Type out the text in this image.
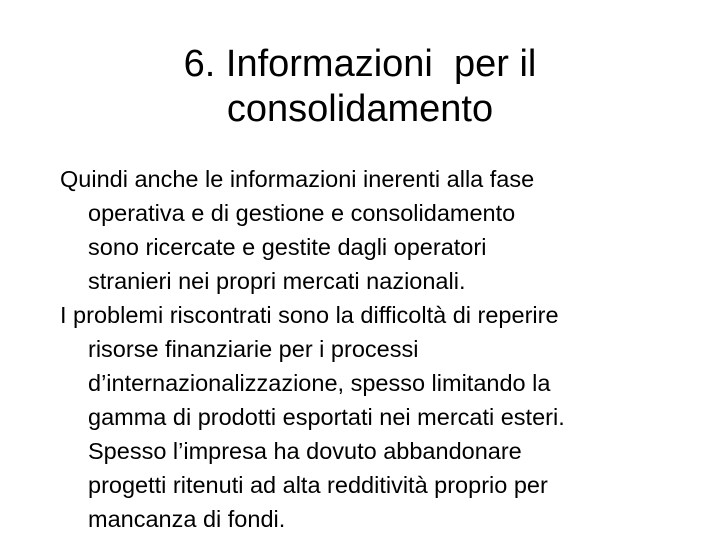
6. Informazioni  per il
consolidamento

Quindi anche le informazioni inerenti alla fase
operativa e di gestione e consolidamento
sono ricercate e gestite dagli operatori
stranieri nei propri mercati nazionali.

I problemi riscontrati sono la difficoltà di reperire
risorse finanziarie per i processi
d’internazionalizzazione, spesso limitando la
gamma di prodotti esportati nei mercati esteri.
Spesso l’impresa ha dovuto abbandonare
progetti ritenuti ad alta redditività proprio per
mancanza di fondi.
